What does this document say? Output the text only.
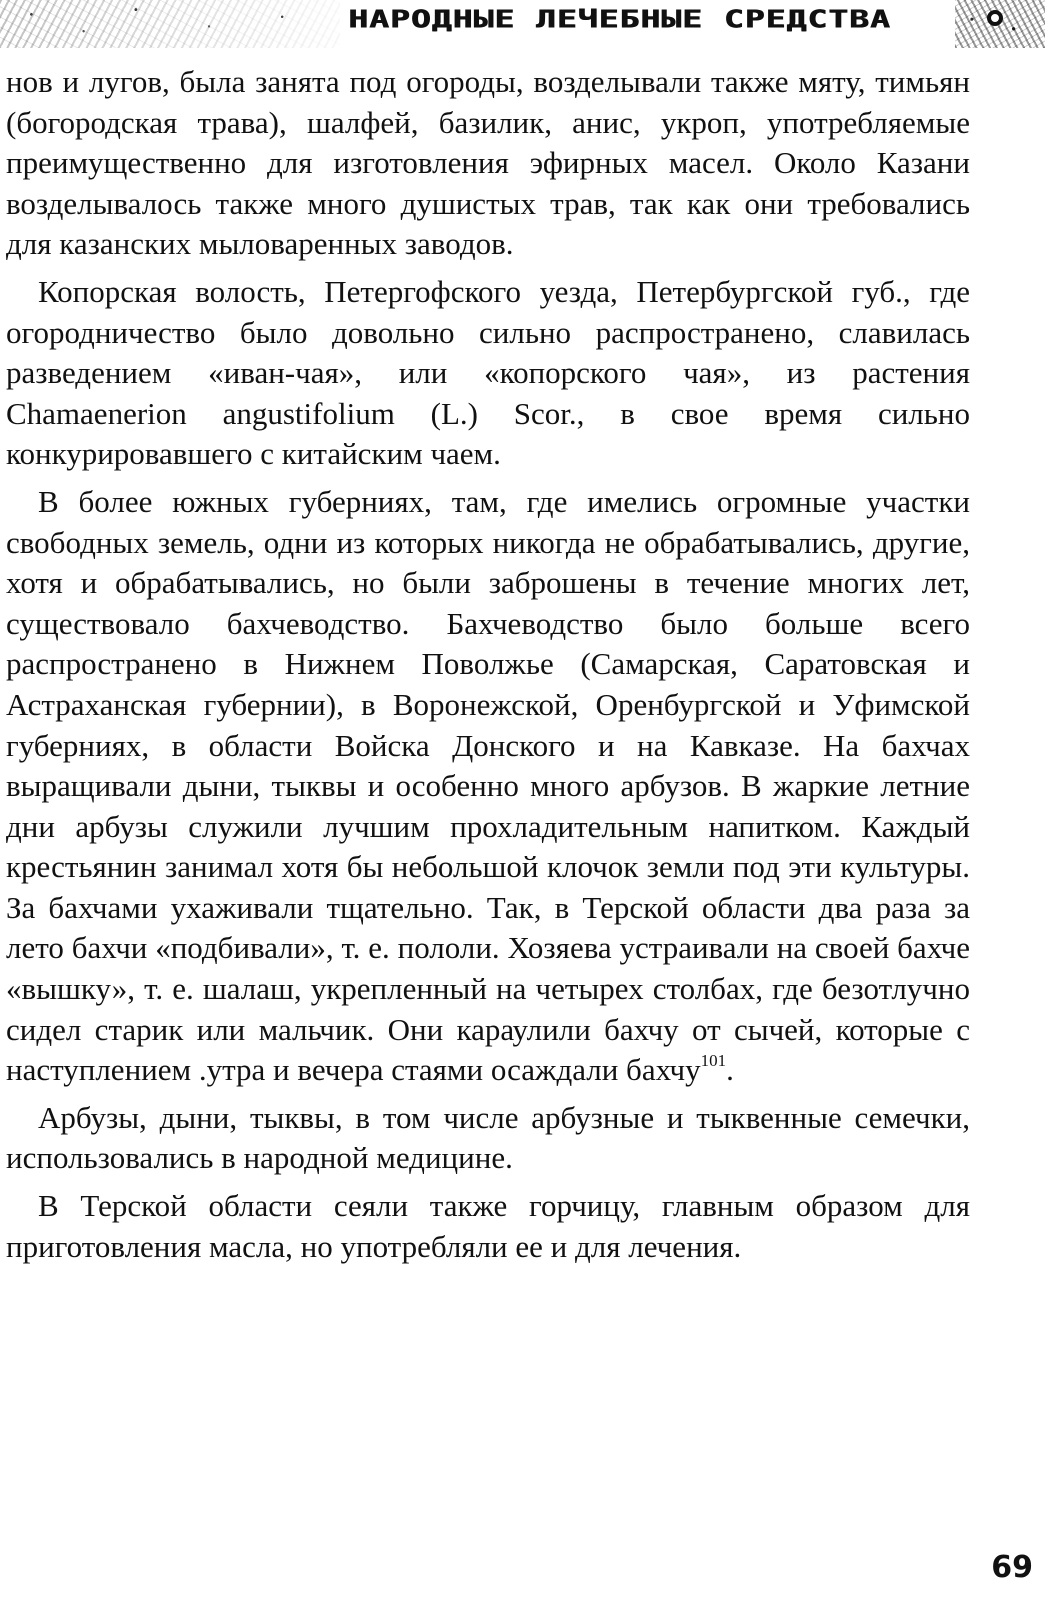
НАРОДНЫЕ ЛЕЧЕБНЫЕ СРЕДСТВА

нов и лугов, была занята под огороды, возделывали также мяту, тимьян (богородская трава), шалфей, базилик, анис, укроп, употребляемые преимущественно для изготовления эфирных масел. Около Казани возделывалось также много душистых трав, так как они требовались для казанских мыловаренных заводов.

Копорская волость, Петергофского уезда, Петербургской губ., где огородничество было довольно сильно распространено, славилась разведением «иван-чая», или «копорского чая», из растения Chamaenerion angustifolium (L.) Scor., в свое время сильно конкурировавшего с китайским чаем.

В более южных губерниях, там, где имелись огромные участки свободных земель, одни из которых никогда не обрабатывались, другие, хотя и обрабатывались, но были заброшены в течение многих лет, существовало бахчеводство. Бахчеводство было больше всего распространено в Нижнем Поволжье (Самарская, Саратовская и Астраханская губернии), в Воронежской, Оренбургской и Уфимской губерниях, в области Войска Донского и на Кавказе. На бахчах выращивали дыни, тыквы и особенно много арбузов. В жаркие летние дни арбузы служили лучшим прохладительным напитком. Каждый крестьянин занимал хотя бы небольшой клочок земли под эти культуры. За бахчами ухаживали тщательно. Так, в Терской области два раза за лето бахчи «подбивали», т. е. пололи. Хозяева устраивали на своей бахче «вышку», т. е. шалаш, укрепленный на четырех столбах, где безотлучно сидел старик или мальчик. Они караулили бахчу от сычей, которые с наступлением .утра и вечера стаями осаждали бахчу$^{101}$.

Арбузы, дыни, тыквы, в том числе арбузные и тыквенные семечки, использовались в народной медицине.

В Терской области сеяли также горчицу, главным образом для приготовления масла, но употребляли ее и для лечения.

69
